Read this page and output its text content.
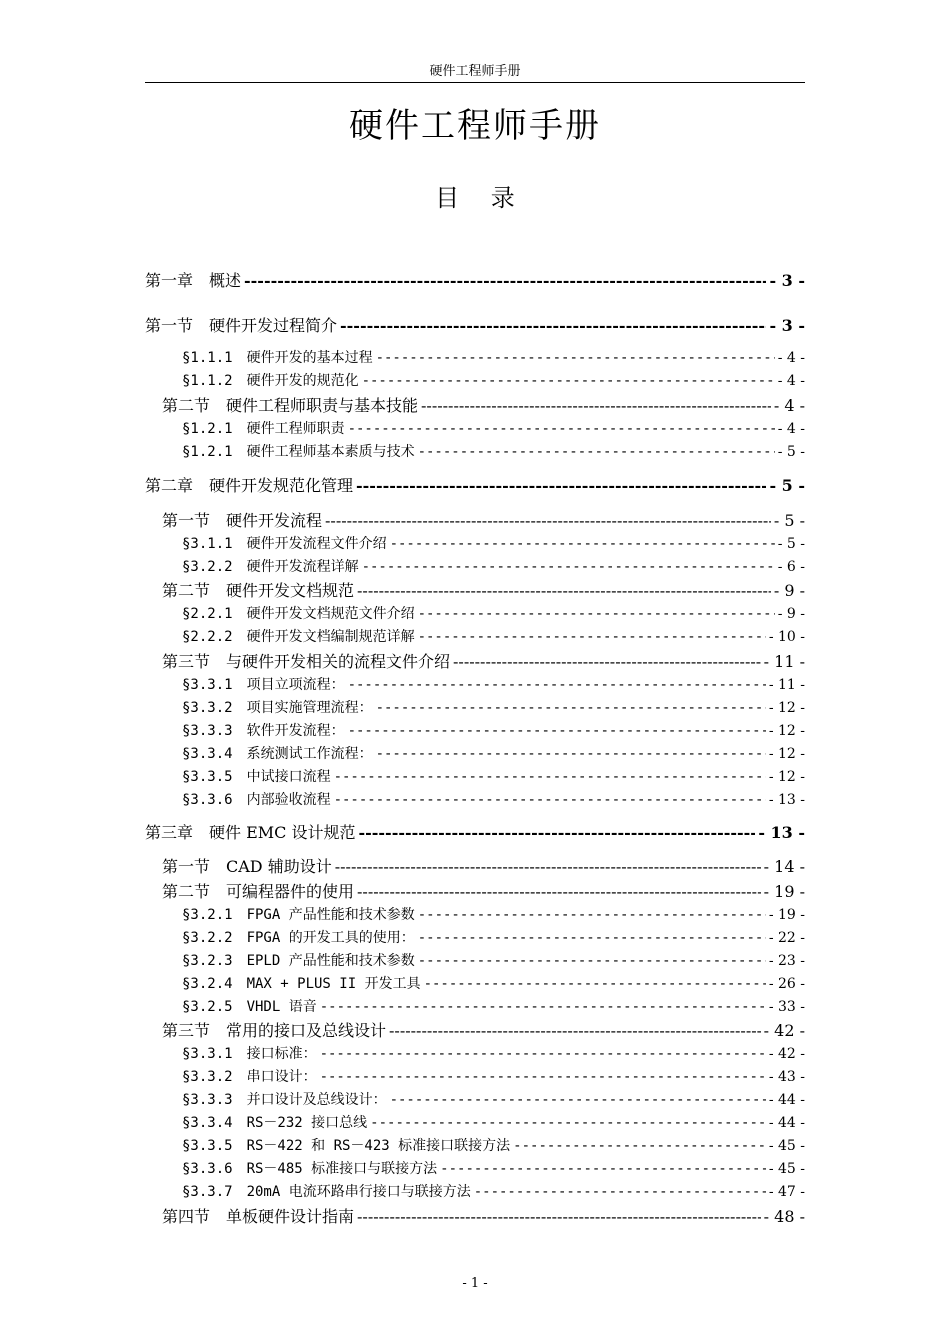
硬件工程师手册
硬件工程师手册
目 录
第一章　概述 -----	- 3 -
第一节　硬件开发过程简介 -----	- 3 -
§1.1.1　硬件开发的基本过程 -----	- 4 -
§1.1.2　硬件开发的规范化 -----	- 4 -
第二节　硬件工程师职责与基本技能 -----	- 4 -
§1.2.1　硬件工程师职责 -----	- 4 -
§1.2.1　硬件工程师基本素质与技术 -----	- 5 -
第二章　硬件开发规范化管理 -----	- 5 -
第一节　硬件开发流程 -----	- 5 -
§3.1.1　硬件开发流程文件介绍 -----	- 5 -
§3.2.2　硬件开发流程详解 -----	- 6 -
第二节　硬件开发文档规范 -----	- 9 -
§2.2.1　硬件开发文档规范文件介绍 -----	- 9 -
§2.2.2　硬件开发文档编制规范详解 -----	- 10 -
第三节　与硬件开发相关的流程文件介绍 -----	- 11 -
§3.3.1　项目立项流程： -----	- 11 -
§3.3.2　项目实施管理流程： -----	- 12 -
§3.3.3　软件开发流程： -----	- 12 -
§3.3.4　系统测试工作流程： -----	- 12 -
§3.3.5　中试接口流程 -----	- 12 -
§3.3.6　内部验收流程 -----	- 13 -
第三章　硬件 EMC 设计规范 -----	- 13 -
第一节　CAD 辅助设计 -----	- 14 -
第二节　可编程器件的使用 -----	- 19 -
§3.2.1　FPGA 产品性能和技术参数 -----	- 19 -
§3.2.2　FPGA 的开发工具的使用： -----	- 22 -
§3.2.3　EPLD 产品性能和技术参数 -----	- 23 -
§3.2.4　MAX + PLUS II 开发工具 -----	- 26 -
§3.2.5　VHDL 语音 -----	- 33 -
第三节　常用的接口及总线设计 -----	- 42 -
§3.3.1　接口标准： -----	- 42 -
§3.3.2　串口设计： -----	- 43 -
§3.3.3　并口设计及总线设计： -----	- 44 -
§3.3.4　RS－232 接口总线 -----	- 44 -
§3.3.5　RS－422 和 RS－423 标准接口联接方法 -----	- 45 -
§3.3.6　RS－485 标准接口与联接方法 -----	- 45 -
§3.3.7　20mA 电流环路串行接口与联接方法 -----	- 47 -
第四节　单板硬件设计指南 -----	- 48 -
- 1 -
